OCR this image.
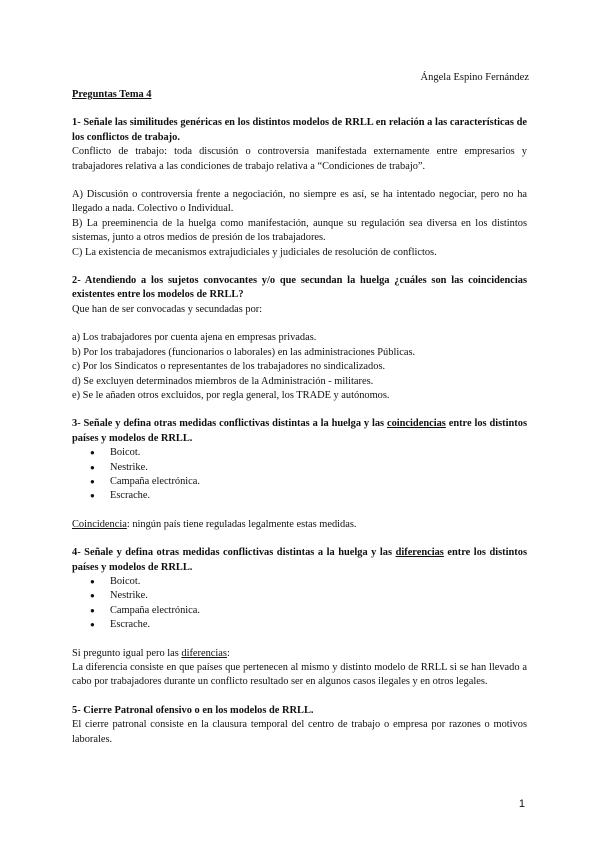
Ángela Espino Fernández

Preguntas Tema 4

1- Señale las similitudes genéricas en los distintos modelos de RRLL en relación a las características de los conflictos de trabajo.

Conflicto de trabajo: toda discusión o controversia manifestada externamente entre empresarios y trabajadores relativa a las condiciones de trabajo relativa a “Condiciones de trabajo”.

A) Discusión o controversia frente a negociación, no siempre es así, se ha intentado negociar, pero no ha llegado a nada. Colectivo o Individual.

B) La preeminencia de la huelga como manifestación, aunque su regulación sea diversa en los distintos sistemas, junto a otros medios de presión de los trabajadores.

C) La existencia de mecanismos extrajudiciales y judiciales de resolución de conflictos.

2- Atendiendo a los sujetos convocantes y/o que secundan la huelga ¿cuáles son las coincidencias existentes entre los modelos de RRLL?

Que han de ser convocadas y secundadas por:

a) Los trabajadores por cuenta ajena en empresas privadas.

b) Por los trabajadores (funcionarios o laborales) en las administraciones Públicas.

c) Por los Sindicatos o representantes de los trabajadores no sindicalizados.

d) Se excluyen determinados miembros de la Administración - militares.

e) Se le añaden otros excluidos, por regla general, los TRADE y autónomos.

3- Señale y defina otras medidas conflictivas distintas a la huelga y las coincidencias entre los distintos países y modelos de RRLL.

● Boicot.
● Nestrike.
● Campaña electrónica.
● Escrache.

Coincidencia: ningún país tiene reguladas legalmente estas medidas.

4- Señale y defina otras medidas conflictivas distintas a la huelga y las diferencias entre los distintos países y modelos de RRLL.

● Boicot.
● Nestrike.
● Campaña electrónica.
● Escrache.

Si pregunto igual pero las diferencias:

La diferencia consiste en que países que pertenecen al mismo y distinto modelo de RRLL si se han llevado a cabo por trabajadores durante un conflicto resultado ser en algunos casos ilegales y en otros legales.

5- Cierre Patronal ofensivo o en los modelos de RRLL.

El cierre patronal consiste en la clausura temporal del centro de trabajo o empresa por razones o motivos laborales.

1
